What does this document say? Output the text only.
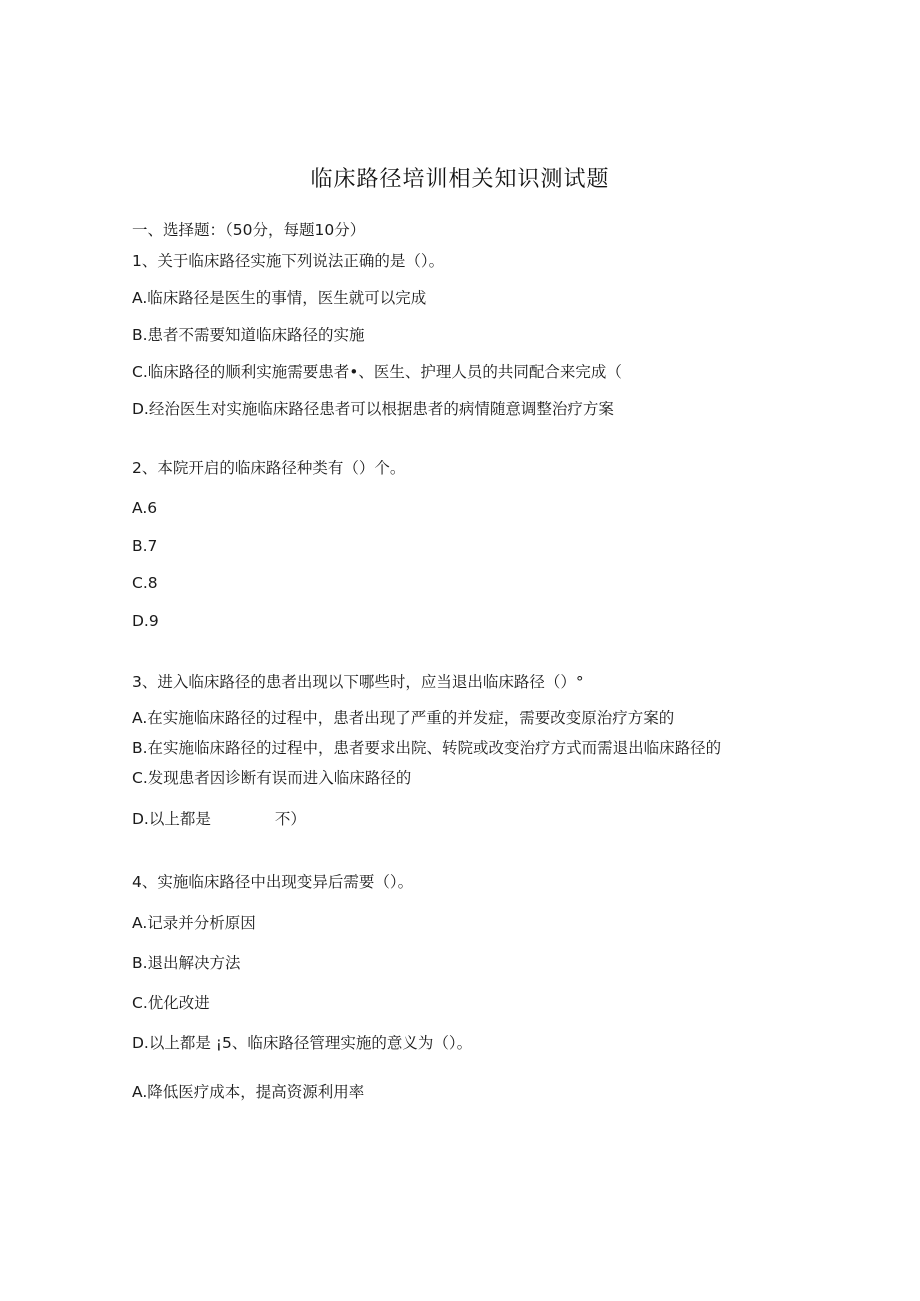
临床路径培训相关知识测试题
一、选择题：（50分，每题10分）
1、关于临床路径实施下列说法正确的是（）。
A.临床路径是医生的事情，医生就可以完成
B.患者不需要知道临床路径的实施
C.临床路径的顺利实施需要患者•、医生、护理人员的共同配合来完成（
D.经治医生对实施临床路径患者可以根据患者的病情随意调整治疗方案
2、本院开启的临床路径种类有（）个。
A.6
B.7
C.8
D.9
3、进入临床路径的患者出现以下哪些时，应当退出临床路径（）°
A.在实施临床路径的过程中，患者出现了严重的并发症，需要改变原治疗方案的
B.在实施临床路径的过程中，患者要求出院、转院或改变治疗方式而需退出临床路径的
C.发现患者因诊断有误而进入临床路径的
D.以上都是	不）
4、实施临床路径中出现变异后需要（）。
A.记录并分析原因
B.退出解决方法
C.优化改进
D.以上都是 ¡5、临床路径管理实施的意义为（）。
A.降低医疗成本，提高资源利用率
